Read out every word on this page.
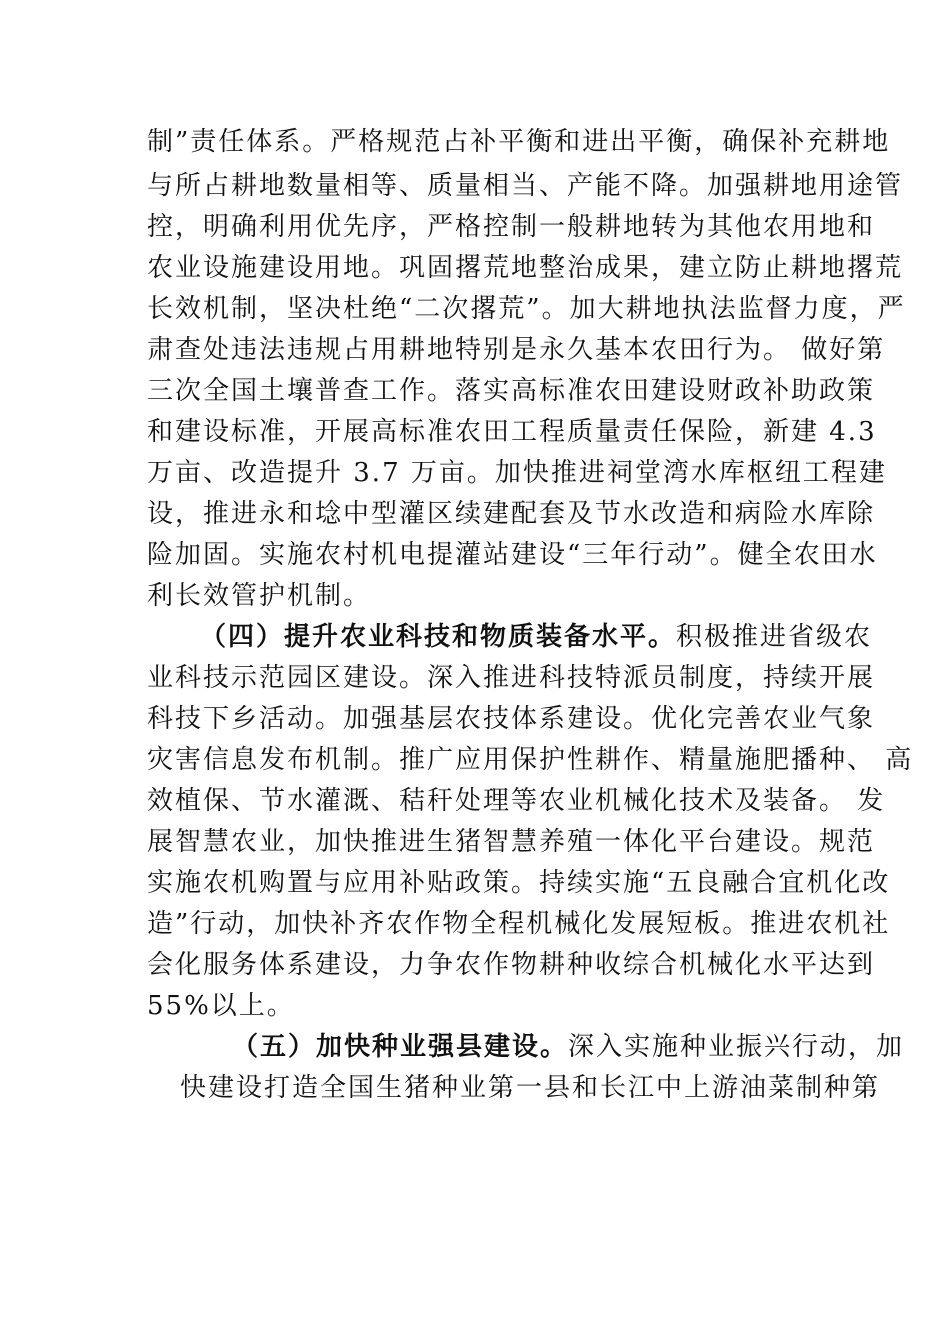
制”责任体系。严格规范占补平衡和进出平衡，确保补充耕地
与所占耕地数量相等、质量相当、产能不降。加强耕地用途管
控，明确利用优先序，严格控制一般耕地转为其他农用地和
农业设施建设用地。巩固撂荒地整治成果，建立防止耕地撂荒
长效机制，坚决杜绝“二次撂荒”。加大耕地执法监督力度，严
肃查处违法违规占用耕地特别是永久基本农田行为。 做好第
三次全国土壤普查工作。落实高标准农田建设财政补助政策
和建设标准，开展高标准农田工程质量责任保险，新建 4.3
万亩、改造提升 3.7 万亩。加快推进祠堂湾水库枢纽工程建
设，推进永和埝中型灌区续建配套及节水改造和病险水库除
险加固。实施农村机电提灌站建设“三年行动”。健全农田水
利长效管护机制。
（四）提升农业科技和物质装备水平。积极推进省级农
业科技示范园区建设。深入推进科技特派员制度，持续开展
科技下乡活动。加强基层农技体系建设。优化完善农业气象
灾害信息发布机制。推广应用保护性耕作、精量施肥播种、 高
效植保、节水灌溉、秸秆处理等农业机械化技术及装备。 发
展智慧农业，加快推进生猪智慧养殖一体化平台建设。规范
实施农机购置与应用补贴政策。持续实施“五良融合宜机化改
造”行动，加快补齐农作物全程机械化发展短板。推进农机社
会化服务体系建设，力争农作物耕种收综合机械化水平达到
55%以上。
（五）加快种业强县建设。深入实施种业振兴行动，加
快建设打造全国生猪种业第一县和长江中上游油菜制种第
